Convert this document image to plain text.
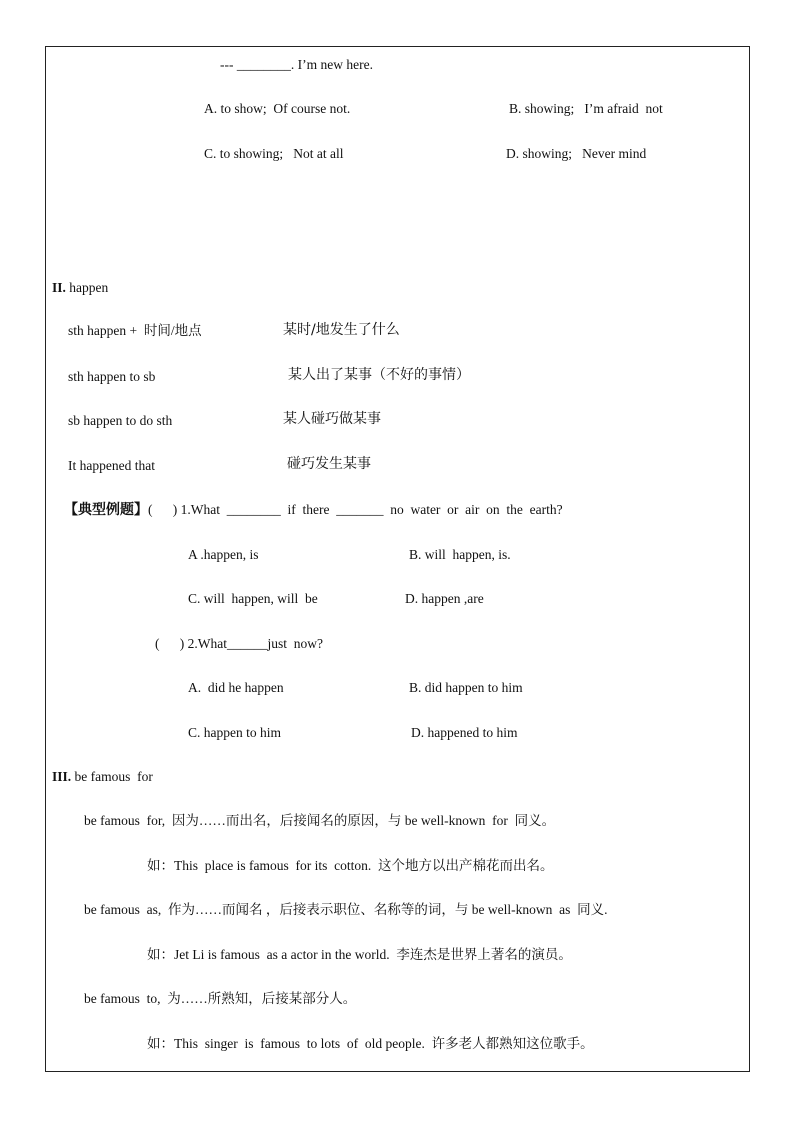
--- ________. I’m new here.
A. to show;  Of course not.	B. showing;   I’m afraid  not
C. to showing;   Not at all	D. showing;   Never mind
II. happen
sth happen +  时间/地点	某时/地发生了什么
sth happen to sb	某人出了某事（不好的事情）
sb happen to do sth	某人碰巧做某事
It happened that	碰巧发生某事
【典型例题】(      ) 1.What  ________  if  there  _______  no  water  or  air  on  the  earth?
A .happen, is	B. will  happen, is.
C. will  happen, will  be	D. happen ,are
(      ) 2.What______just  now?
A.  did he happen	B. did happen to him
C. happen to him	D. happened to him
III. be famous  for
be famous  for,  因为……而出名，后接闻名的原因，与 be well-known  for  同义。
如：This  place is famous  for its  cotton.  这个地方以出产棉花而出名。
be famous  as,  作为……而闻名 ，后接表示职位、名称等的词，与 be well-known  as  同义.
如：Jet Li is famous  as a actor in the world.  李连杰是世界上著名的演员。
be famous  to,  为……所熟知，后接某部分人。
如：This  singer  is  famous  to lots  of  old people.  许多老人都熟知这位歌手。
